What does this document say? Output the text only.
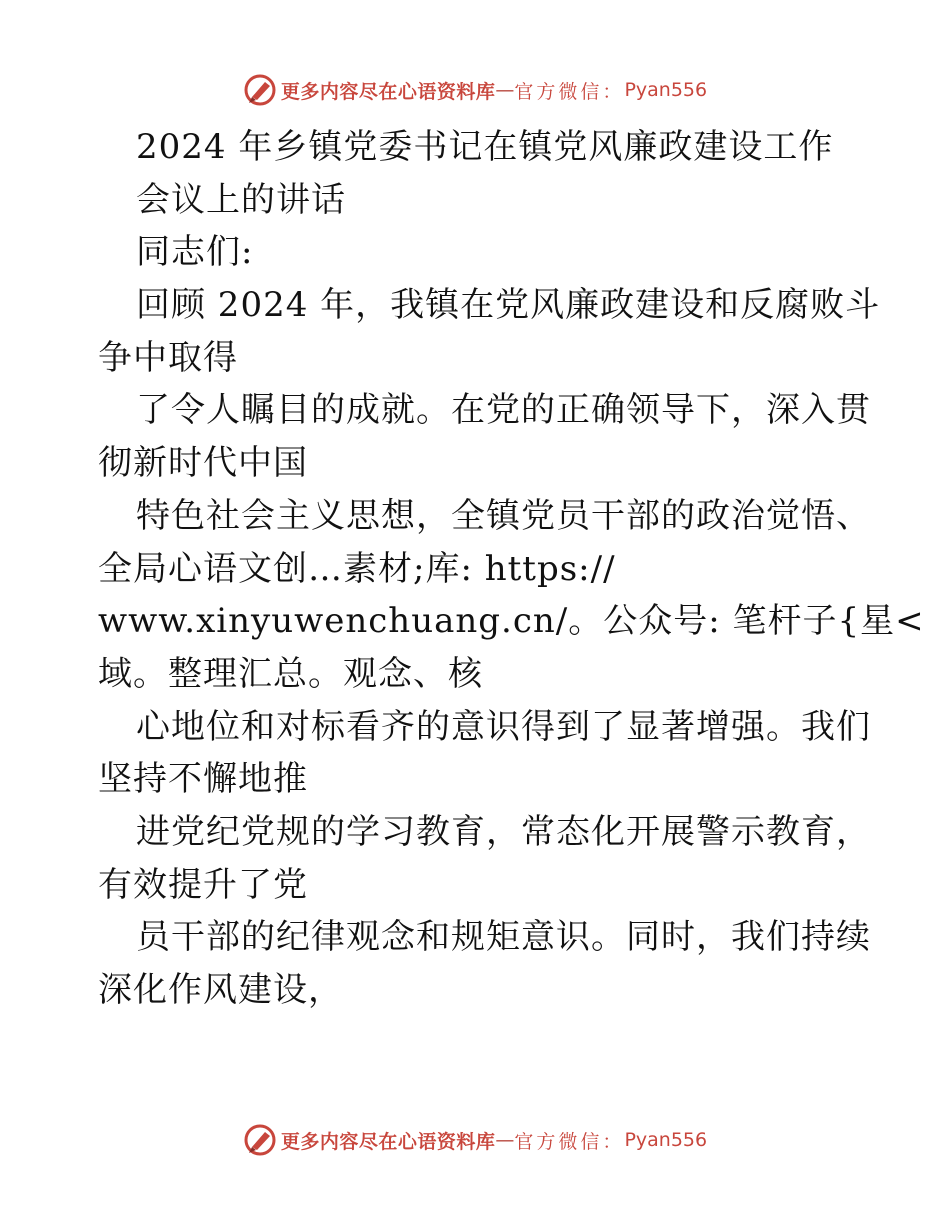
更多内容尽在心语资料库 — 官方微信： Pyan556
2024 年乡镇党委书记在镇党风廉政建设工作
会议上的讲话
同志们:
回顾 2024 年，我镇在党风廉政建设和反腐败斗
争中取得
了令人瞩目的成就。在党的正确领导下，深入贯
彻新时代中国
特色社会主义思想，全镇党员干部的政治觉悟、
全局心语文创…素材;库: https://
www.xinyuwenchuang.cn/。公众号: 笔杆子{星<
域。整理汇总。观念、核
心地位和对标看齐的意识得到了显著增强。我们
坚持不懈地推
进党纪党规的学习教育，常态化开展警示教育，
有效提升了党
员干部的纪律观念和规矩意识。同时，我们持续
深化作风建设，
更多内容尽在心语资料库 — 官方微信： Pyan556
